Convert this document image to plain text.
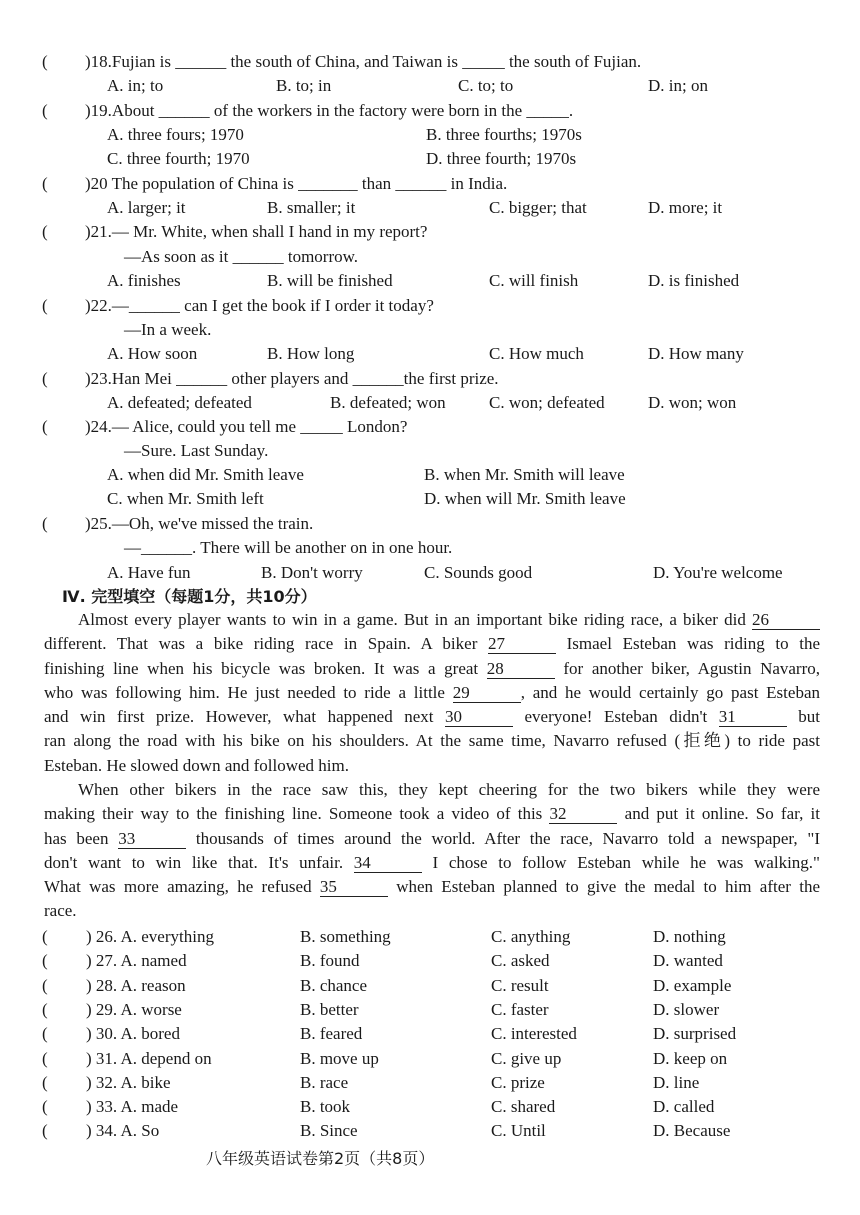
( )18.Fujian is ______ the south of China, and Taiwan is _____ the south of Fujian.
A. in; to	B. to; in	C. to; to	D. in; on
( )19.About ______ of the workers in the factory were born in the _____.
A. three fours; 1970	B. three fourths; 1970s
C. three fourth; 1970	D. three fourth; 1970s
( )20 The population of China is _______ than ______ in India.
A. larger; it	B. smaller; it	C. bigger; that	D. more; it
( )21.— Mr. White, when shall I hand in my report?
—As soon as it ______ tomorrow.
A. finishes	B. will be finished	C. will finish	D. is finished
( )22.—______ can I get the book if I order it today?
—In a week.
A. How soon	B. How long	C. How much	D. How many
( )23.Han Mei ______ other players and ______the first prize.
A. defeated; defeated	B. defeated; won	C. won; defeated	D. won; won
( )24.— Alice, could you tell me _____ London?
—Sure. Last Sunday.
A. when did Mr. Smith leave	B. when Mr. Smith will leave
C. when Mr. Smith left	D. when will Mr. Smith leave
( )25.—Oh, we've missed the train.
—______. There will be another on in one hour.
A. Have fun	B. Don't worry	C. Sounds good	D. You're welcome
Ⅳ. 完型填空（每题1分，共10分）
Almost every player wants to win in a game. But in an important bike riding race, a biker did 26
different. That was a bike riding race in Spain. A biker 27	Ismael Esteban was riding to the
finishing line when his bicycle was broken. It was a great 28	for another biker, Agustin Navarro,
who was following him. He just needed to ride a little 29	, and he would certainly go past Esteban
and win first prize. However, what happened next 30	everyone! Esteban didn't 31	but
ran along the road with his bike on his shoulders. At the same time, Navarro refused (拒绝) to ride past
Esteban. He slowed down and followed him.
When other bikers in the race saw this, they kept cheering for the two bikers while they were
making their way to the finishing line. Someone took a video of this 32	and put it online. So far, it
has been 33	thousands of times around the world. After the race, Navarro told a newspaper, "I
don't want to win like that. It's unfair. 34	I chose to follow Esteban while he was walking."
What was more amazing, he refused 35	when Esteban planned to give the medal to him after the
race.
( ) 26. A. everything	B. something	C. anything	D. nothing
( ) 27. A. named	B. found	C. asked	D. wanted
( ) 28. A. reason	B. chance	C. result	D. example
( ) 29. A. worse	B. better	C. faster	D. slower
( ) 30. A. bored	B. feared	C. interested	D. surprised
( ) 31. A. depend on	B. move up	C. give up	D. keep on
( ) 32. A. bike	B. race	C. prize	D. line
( ) 33. A. made	B. took	C. shared	D. called
( ) 34. A. So	B. Since	C. Until	D. Because
八年级英语试卷第2页（共8页）
